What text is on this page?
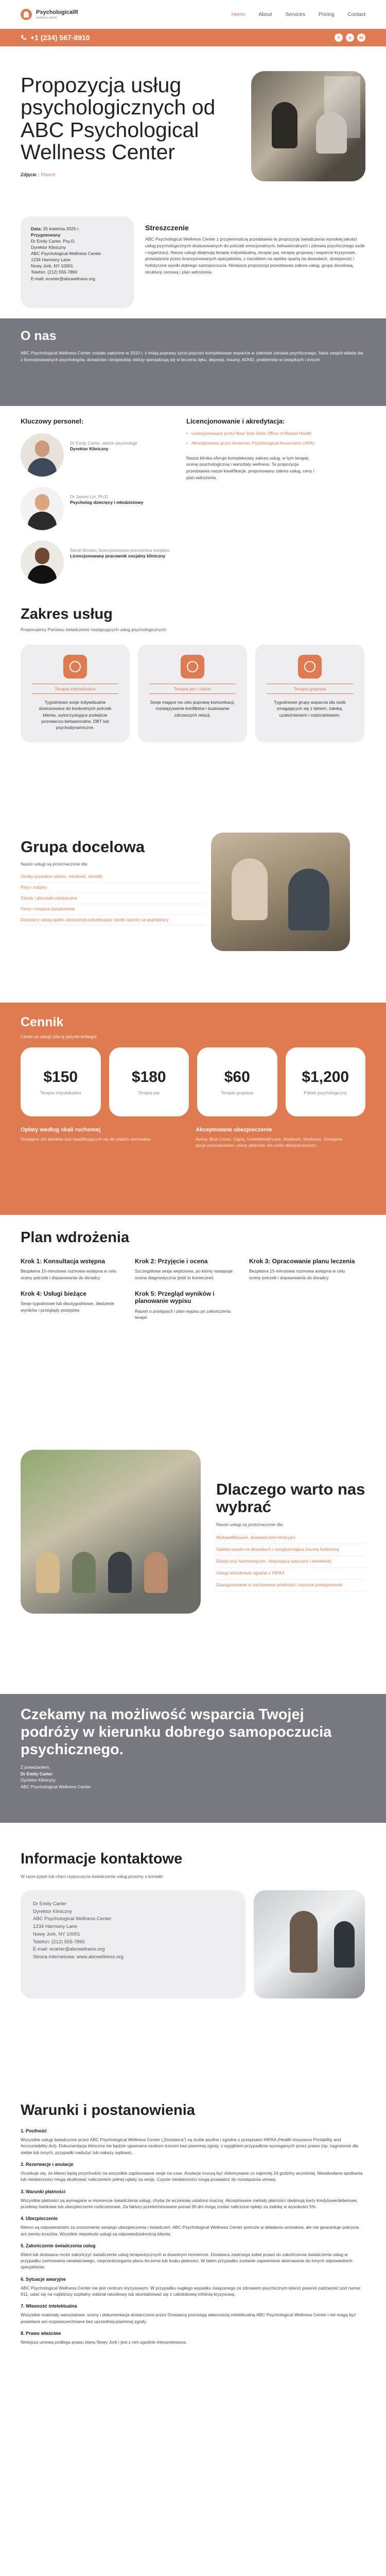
PsychologicalR
wellness center
Home	About	Services	Pricing	Contact
+1 (234) 567-8910	f	x	in
Propozycja usług psychologicznych od ABC Psychological Wellness Center
Zdjęcie | Powrót
Data: 25 kwietnia 2025 r.
Przygotowany
Dr Emily Carter, Psy.D.
Dyrektor Kliniczny
ABC Psychological Wellness Center
1234 Harmony Lane
Nowy Jork, NY 10001
Telefon: (212) 555-7890
E-mail: ecarter@abcwellness.org
Streszczenie

ABC Psychological Wellness Center z przyjemnością przedstawia tę propozycję świadczenia wysokiej jakości usług psychologicznych dostosowanych do potrzeb emocjonalnych, behawioralnych i zdrowia psychicznego osób i organizacji. Nasze usługi obejmują terapię indywidualną, terapię par, terapię grupową i wsparcie kryzysowe, prowadzone przez licencjonowanych specjalistów, z naciskiem na opiekę opartą na dowodach, dostępność i holistyczne wyniki dobrego samopoczucia. Niniejsza propozycja przedstawia zakres usług, grupę docelową, strukturę cenową i plan wdrożenia.

O nas

ABC Psychological Wellness Center zostało założone w 2010 r. z misją poprawy życia poprzez kompleksowe wsparcie w zakresie zdrowia psychicznego. Nasz zespół składa się z licencjonowanych psychologów, doradców i terapeutów, którzy specjalizują się w leczeniu lęku, depresji, traumy, ADHD, problemów w związkach i innych.

Kluczowy personel:
Dr Emily Carter, doktor psychologii
Dyrektor Kliniczny
Dr James Lin, Ph.D.
Psycholog dziecięcy i młodzieżowy
Sarah Brooks, licencjonowana pracownica socjalna
Licencjonowany pracownik socjalny kliniczny
Licencjonowanie i akredytacja:
• Licencjonowane przez New York State Office of Mental Health
• Akredytowane przez American Psychological Association (APA)

Nasza klinika oferuje kompleksowy zakres usług, w tym terapię, ocenę psychologiczną i warsztaty wellness. Ta propozycja przedstawia nasze kwalifikacje, proponowany zakres usług, ceny i plan wdrożenia.

Zakres usług
Proponujemy Państwu świadczenie następujących usług psychologicznych:
Terapia indywidualna

Tygodniowe sesje indywidualne dostosowane do konkretnych potrzeb klienta, wykorzystujące podejście poznawczo-behawioralne, DBT lub psychodynamiczne.

Terapia par i rodzin

Sesje mające na celu poprawę komunikacji, rozwiązywanie konfliktów i budowanie zdrowszych relacji.

Terapia grupowa

Tygodniowe grupy wsparcia dla osób zmagających się z lękiem, żałobą, uzależnieniem i rodzicielstwem.

Grupa docelowa
Nasze usługi są przeznaczone dla:
Osoby prywatne (dzieci, młodzież, dorośli)
Pary i rodziny
Szkoły i placówki edukacyjne
Firmy i miejsca świadczenia
Dostawcy usług opieki zdrowotnej potrzebujący opieki opartej na współpracy
Cennik
Ceniki za usługi (dla tę jedynki krótego)
$150
Terapia indywidualna
$180
Terapia par
$60
Terapia grupowa
$1,200
Pakiet psychologiczny
Opłaty według skali ruchomej

Dostępne dla klientów bez kwalifikujących się do niskich dochodów.

Akceptowane ubezpieczenie

Aetna, Blue Cross, Cigna, UnitedHealthcare, Medicaid, Medicare. Dostępne opcje pozasieciowe i plany płatności dla osób ubezpieczonych.

Plan wdrożenia
Krok 1: Konsultacja wstępna

Bezpłatna 15-minutowa rozmowa wstępna w celu oceny potrzeb i dopasowania do doradcy

Krok 2: Przyjęcie i ocena

Szczegółowa sesja wejściowa, po której następuje ocena diagnostyczna (jeśli to konieczne)

Krok 3: Opracowanie planu leczenia

Bezpłatna 15-minutowa rozmowa wstępna w celu oceny potrzeb i dopasowania do doradcy

Krok 4: Usługi bieżące

Sesje tygodniowe lub dwutygodniowe, śledzenie wyników i przeglądy postępów

Krok 5: Przegląd wyników i planowanie wypisu

Raport o postępach i plan wypisu po zakończeniu terapii

Dlaczego warto nas wybrać
Nasze usługi są przeznaczone dla:
Wykwalifikowani, doświadczeni klinicyści
Opieka oparta na dowodach i uwzględniająca traumę kulturową
Elastyczny harmonogram, obejmujący wieczory i weekendy
Usługi telezdrowia zgodne z HIPAA
Zaangażowanie w zachowanie poufności i etyczne postępowanie
Czekamy na możliwość wsparcia Twojej podróży w kierunku dobrego samopoczucia psychicznego.

Z poważaniem,

Dr Emily Carter

Dyrektor Kliniczny

ABC Psychological Wellness Center

Informacje kontaktowe
W razie pytań lub chęci rozpoczęcia świadczenia usług prosimy o kontakt:
Dr Emily Carter
Dyrektor Kliniczny
ABC Psychological Wellness Center
1234 Harmony Lane
Nowy Jork, NY 10001
Telefon: (212) 555-7890
E-mail: ecarter@abcwellness.org
Strona internetowa: www.abcwellness.org
Warunki i postanowienia
1. Poufność

Wszystkie usługi świadczone przez ABC Psychological Wellness Center („Dostawca”) są ściśle poufne i zgodne z przepisami HIPAA (Health Insurance Portability and Accountability Act). Dokumentacja kliniczna nie będzie ujawniana osobom trzecim bez pisemnej zgody, z wyjątkiem przypadków wymaganych przez prawo (np. zagrożenie dla siebie lub innych, przypadki nadużyć lub nakazy sądowe).

2. Rezerwacje i anulacje

Oczekuje się, że klienci będą przychodzić na wszystkie zaplanowane sesje na czas. Anulacje muszą być dokonywane co najmniej 24 godziny wcześniej. Nieodwołane spotkania lub nieobecności mogą skutkować naliczeniem pełnej opłaty za sesję. Częste nieobecności mogą prowadzić do rozwiązania umowy.

3. Warunki płatności

Wszystkie płatności są wymagane w momencie świadczenia usługi, chyba że wcześniej ustalono inaczej. Akceptowane metody płatności obejmują karty kredytowe/debetowe, przelewy bankowe lub ubezpieczenie rozliczeniowe. Za faktury przeterminowane ponad 30 dni mogą zostać naliczone opłaty za zwłokę w wysokości 5%.

4. Ubezpieczenie

Klienci są odpowiedzialni za zrozumienie swojego ubezpieczenia i świadczeń. ABC Psychological Wellness Center pomoże w składaniu wniosków, ale nie gwarantuje pokrycia ani zwrotu kosztów. Wszelkie niepokryte usługi są odpowiedzialnością klienta.

5. Zakończenie świadczenia usług

Klient lub dostawca może zakończyć świadczenie usług terapeutycznych w dowolnym momencie. Dostawca zastrzega sobie prawo do zakończenia świadczenia usług w przypadku zachowania niewłaściwego, nieprzestrzegania planu leczenia lub braku płatności. W takim przypadku zostanie zapewnione skierowanie do innych odpowiednich specjalistów.

6. Sytuacje awaryjne

ABC Psychological Wellness Center nie jest centrum kryzysowym. W przypadku nagłego wypadku związanego ze zdrowiem psychicznym klienci powinni zadzwonić pod numer 911, udać się na najbliższy szpitalny oddział ratunkowy lub skontaktować się z całodobową infolinią kryzysową.

7. Własność intelektualna

Wszystkie materiały warsztatowe, oceny i dokumentacja dostarczone przez Dostawcę pozostają własnością intelektualną ABC Psychological Wellness Center i nie mogą być powielane ani rozpowszechniane bez uprzedniej pisemnej zgody.

8. Prawo właściwe

Niniejsza umowa podlega prawu stanu Nowy Jork i jest z nim zgodnie interpretowana.
